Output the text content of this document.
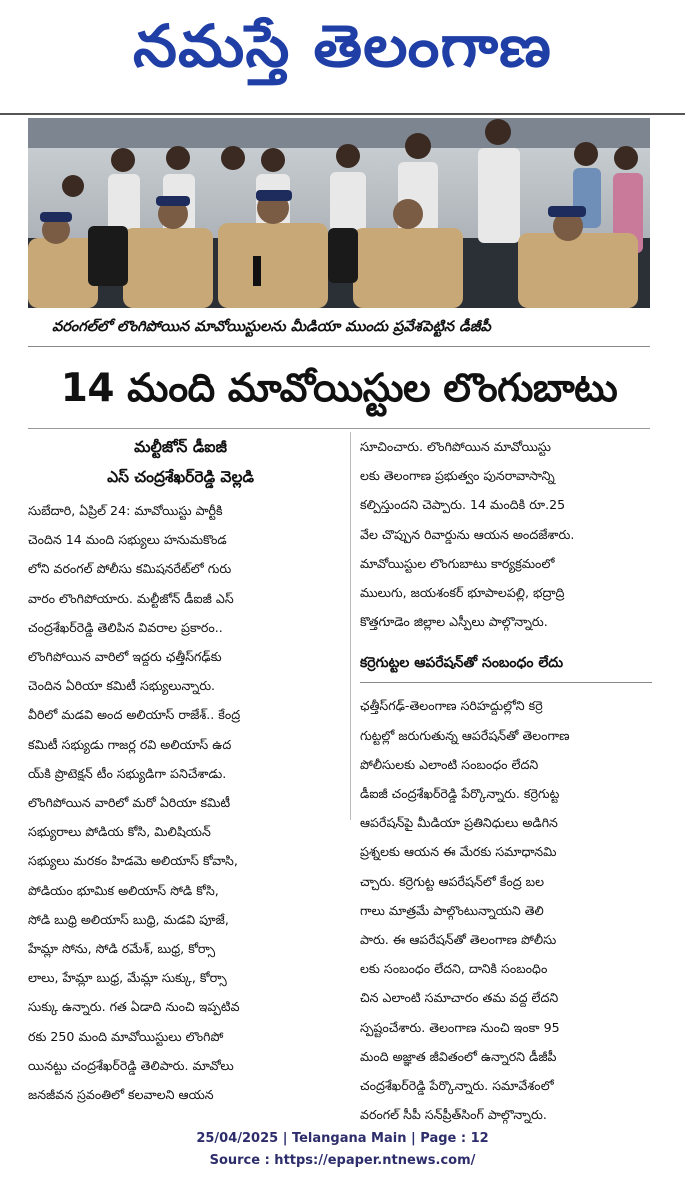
నమస్తే తెలంగాణ
వరంగల్‌లో లొంగిపోయిన మావోయిస్టులను మీడియా ముందు ప్రవేశపెట్టిన డీజీపీ
14 మంది మావోయిస్టుల లొంగుబాటు

మల్టీజోన్ డీఐజీ

ఎస్ చంద్రశేఖర్‌రెడ్డి వెల్లడి

సుబేదారి, ఏప్రిల్ 24: మావోయిస్టు పార్టీకి
చెందిన 14 మంది సభ్యులు హనుమకొండ
లోని వరంగల్ పోలీసు కమిషనరేట్‌లో గురు
వారం లొంగిపోయారు. మల్టీజోన్ డీఐజీ ఎస్
చంద్రశేఖర్‌రెడ్డి తెలిపిన వివరాల ప్రకారం..
లొంగిపోయిన వారిలో ఇద్దరు ఛత్తీస్‌గఢ్‌కు
చెందిన ఏరియా కమిటీ సభ్యులున్నారు.
వీరిలో మడవి అంద అలియాస్ రాజేశ్.. కేంద్ర
కమిటీ సభ్యుడు గాజర్ల రవి అలియాస్ ఉద
య్‌కి ప్రొటెక్షన్ టీం సభ్యుడిగా పనిచేశాడు.
లొంగిపోయిన వారిలో మరో ఏరియా కమిటీ
సభ్యురాలు పోడియ కోసి, మిలిషియన్
సభ్యులు మరకం హిడమె అలియాస్ కోవాసి,
పోడియం భూమిక అలియాస్ సోడి కోసి,
సోడి బుధ్రి అలియాస్ బుధ్రి, మడవి పూజే,
హేమ్లా సోను, సోడి రమేశ్, బుధ్ర, కోర్సా
లాలు, హేమ్లా బుధ్ర, మేమ్లా సుక్కు, కోర్సా
సుక్కు ఉన్నారు. గత ఏడాది నుంచి ఇప్పటివ
రకు 250 మంది మావోయిస్టులు లొంగిపో
యినట్టు చంద్రశేఖర్‌రెడ్డి తెలిపారు. మావోలు
జనజీవన స్రవంతిలో కలవాలని ఆయన

సూచించారు. లొంగిపోయిన మావోయిస్టు
లకు తెలంగాణ ప్రభుత్వం పునరావాసాన్ని
కల్పిస్తుందని చెప్పారు. 14 మందికి రూ.25
వేల చొప్పున రివార్డును ఆయన అందజేశారు.
మావోయిస్టుల లొంగుబాటు కార్యక్రమంలో
ములుగు, జయశంకర్ భూపాలపల్లి, భద్రాద్రి
కొత్తగూడెం జిల్లాల ఎస్పీలు పాల్గొన్నారు.

కర్రెగుట్టల ఆపరేషన్‌తో సంబంధం లేదు

ఛత్తీస్‌గఢ్-తెలంగాణ సరిహద్దుల్లోని కర్రె
గుట్టల్లో జరుగుతున్న ఆపరేషన్‌తో తెలంగాణ
పోలీసులకు ఎలాంటి సంబంధం లేదని
డీఐజీ చంద్రశేఖర్‌రెడ్డి పేర్కొన్నారు. కర్రెగుట్ట
ఆపరేషన్‌పై మీడియా ప్రతినిధులు అడిగిన
ప్రశ్నలకు ఆయన ఈ మేరకు సమాధానమి
చ్చారు. కర్రెగుట్ట ఆపరేషన్‌లో కేంద్ర బల
గాలు మాత్రమే పాల్గొంటున్నాయని తెలి
పారు. ఈ ఆపరేషన్‌తో తెలంగాణ పోలీసు
లకు సంబంధం లేదని, దానికి సంబంధిం
చిన ఎలాంటి సమాచారం తమ వద్ద లేదని
స్పష్టంచేశారు. తెలంగాణ నుంచి ఇంకా 95
మంది అజ్ఞాత జీవితంలో ఉన్నారని డీజీపీ
చంద్రశేఖర్‌రెడ్డి పేర్కొన్నారు. సమావేశంలో
వరంగల్ సీపీ సన్‌ప్రీత్‌సింగ్ పాల్గొన్నారు.

25/04/2025 | Telangana Main | Page : 12
Source : https://epaper.ntnews.com/
